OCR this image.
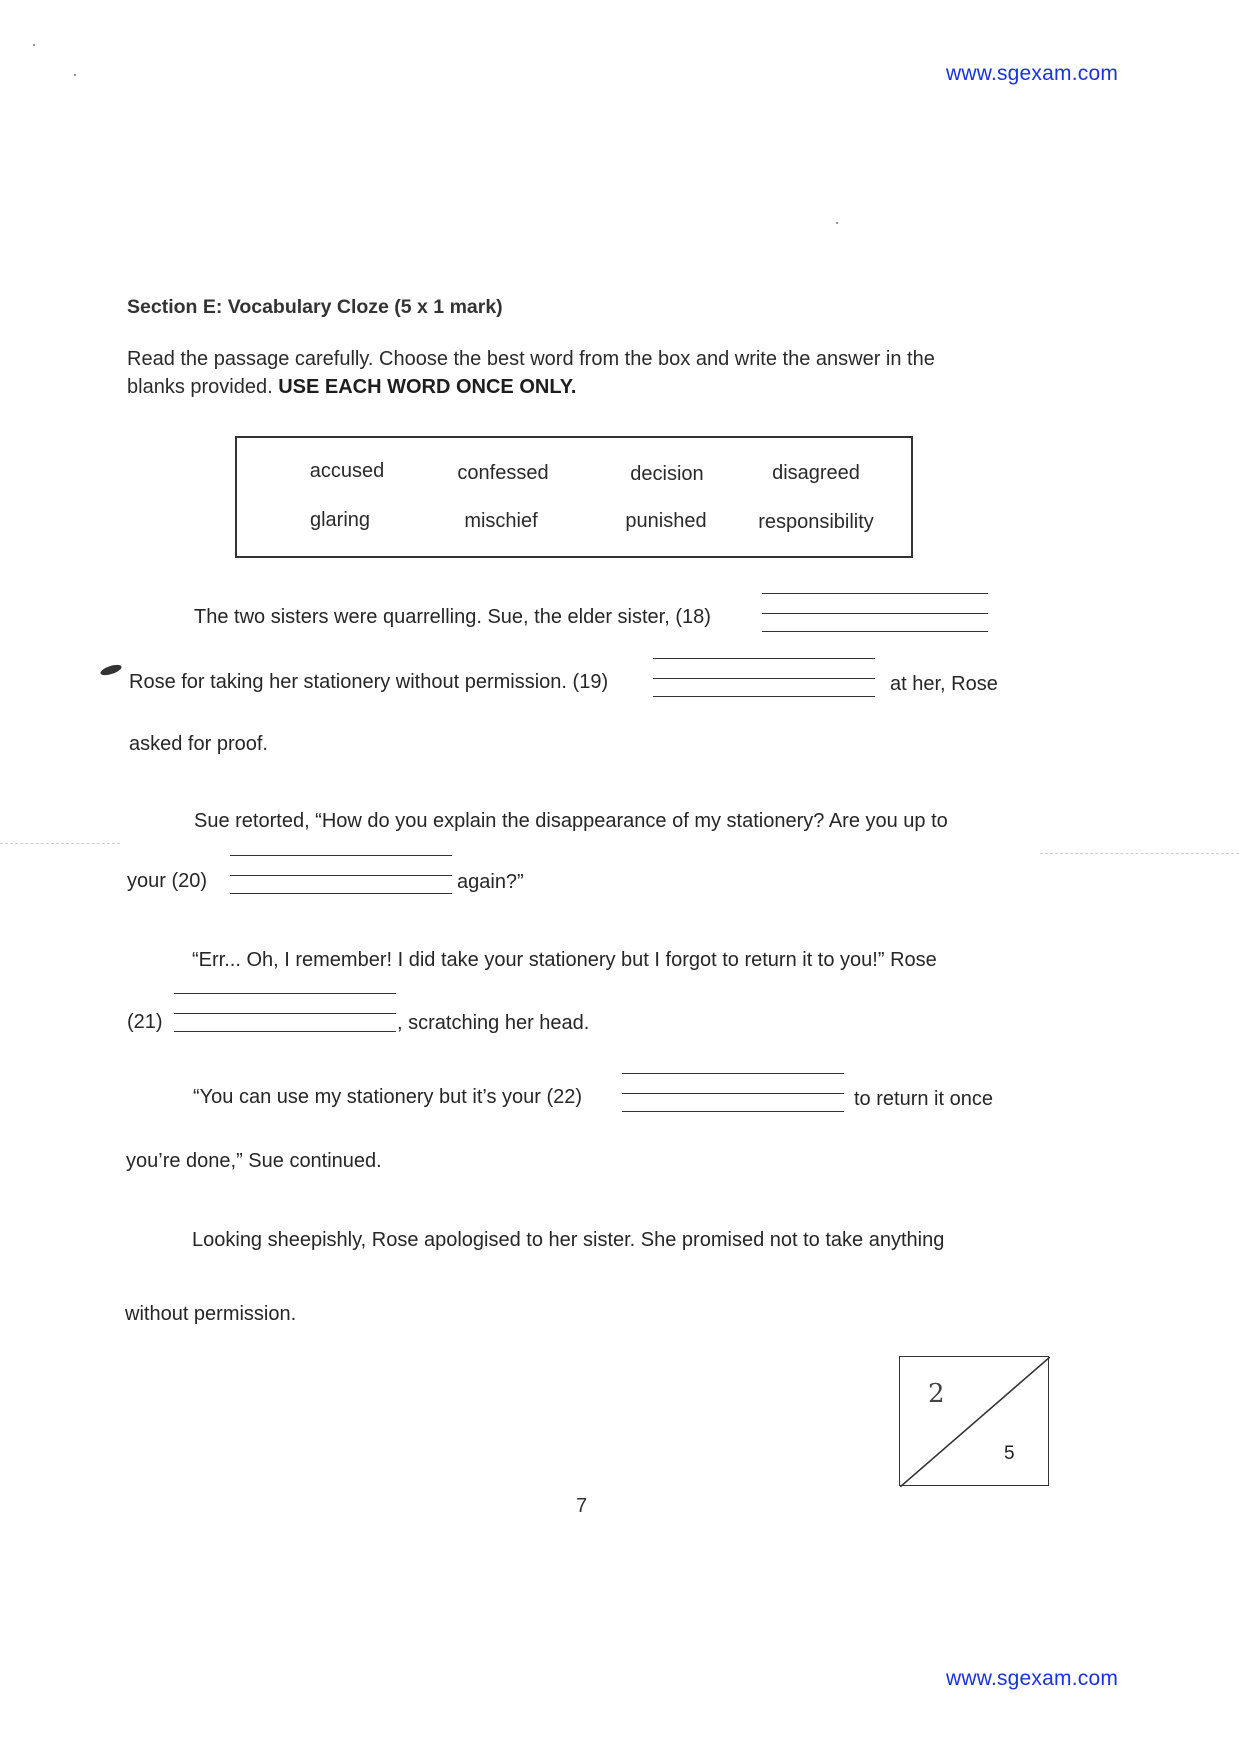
www.sgexam.com
www.sgexam.com
Section E: Vocabulary Cloze (5 x 1 mark)
Read the passage carefully. Choose the best word from the box and write the answer in the
blanks provided. USE EACH WORD ONCE ONLY.
accused	confessed	decision	disagreed
glaring	mischief	punished	responsibility
The two sisters were quarrelling. Sue, the elder sister, (18)
Rose for taking her stationery without permission. (19)	at her, Rose
asked for proof.
Sue retorted, “How do you explain the disappearance of my stationery? Are you up to
your (20)	again?”
“Err... Oh, I remember! I did take your stationery but I forgot to return it to you!” Rose
(21)	, scratching her head.
“You can use my stationery but it’s your (22)	to return it once
you’re done,” Sue continued.
Looking sheepishly, Rose apologised to her sister. She promised not to take anything
without permission.
2
5
7
